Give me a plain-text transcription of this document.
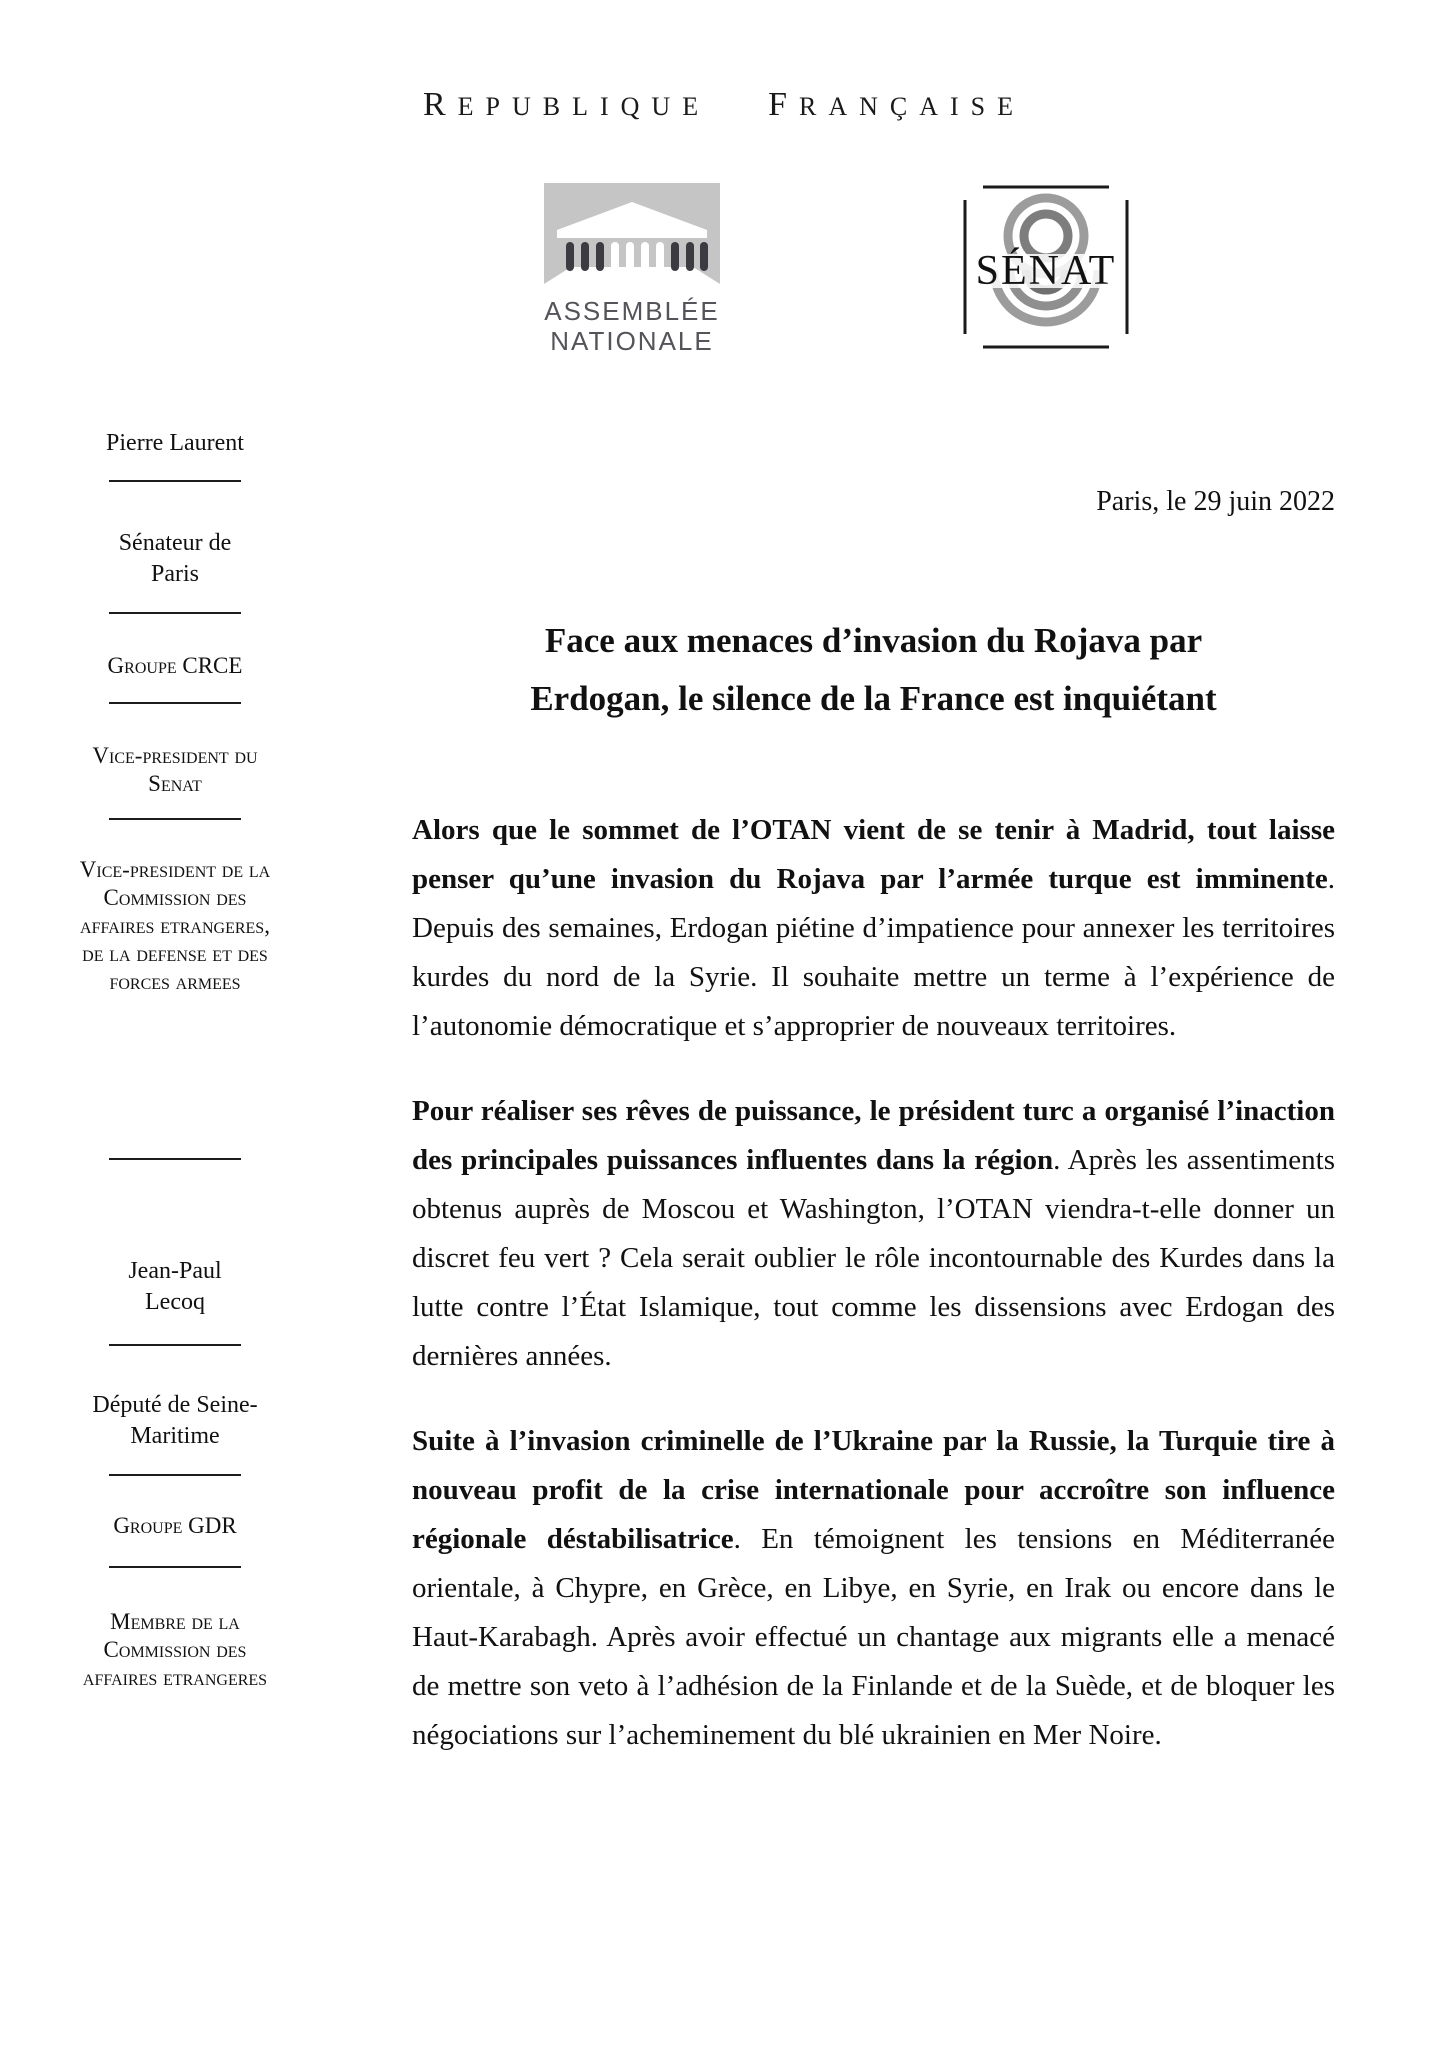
REPUBLIQUE FRANÇAISE
ASSEMBLÉE
NATIONALE
SÉNAT
Pierre Laurent
Sénateur de Paris
Groupe CRCE
Vice-president du Senat
Vice-president de la Commission des affaires etrangeres, de la defense et des forces armees
Jean-Paul Lecoq
Député de Seine-Maritime
Groupe GDR
Membre de la Commission des affaires etrangeres
Paris, le 29 juin 2022
Face aux menaces d’invasion du Rojava par
Erdogan, le silence de la France est inquiétant

Alors que le sommet de l’OTAN vient de se tenir à Madrid, tout laisse penser qu’une invasion du Rojava par l’armée turque est imminente. Depuis des semaines, Erdogan piétine d’impatience pour annexer les territoires kurdes du nord de la Syrie. Il souhaite mettre un terme à l’expérience de l’autonomie démocratique et s’approprier de nouveaux territoires.

Pour réaliser ses rêves de puissance, le président turc a organisé l’inaction des principales puissances influentes dans la région. Après les assentiments obtenus auprès de Moscou et Washington, l’OTAN viendra-t-elle donner un discret feu vert ? Cela serait oublier le rôle incontournable des Kurdes dans la lutte contre l’État Islamique, tout comme les dissensions avec Erdogan des dernières années.

Suite à l’invasion criminelle de l’Ukraine par la Russie, la Turquie tire à nouveau profit de la crise internationale pour accroître son influence régionale déstabilisatrice. En témoignent les tensions en Méditerranée orientale, à Chypre, en Grèce, en Libye, en Syrie, en Irak ou encore dans le Haut-Karabagh. Après avoir effectué un chantage aux migrants elle a menacé de mettre son veto à l’adhésion de la Finlande et de la Suède, et de bloquer les négociations sur l’acheminement du blé ukrainien en Mer Noire.
